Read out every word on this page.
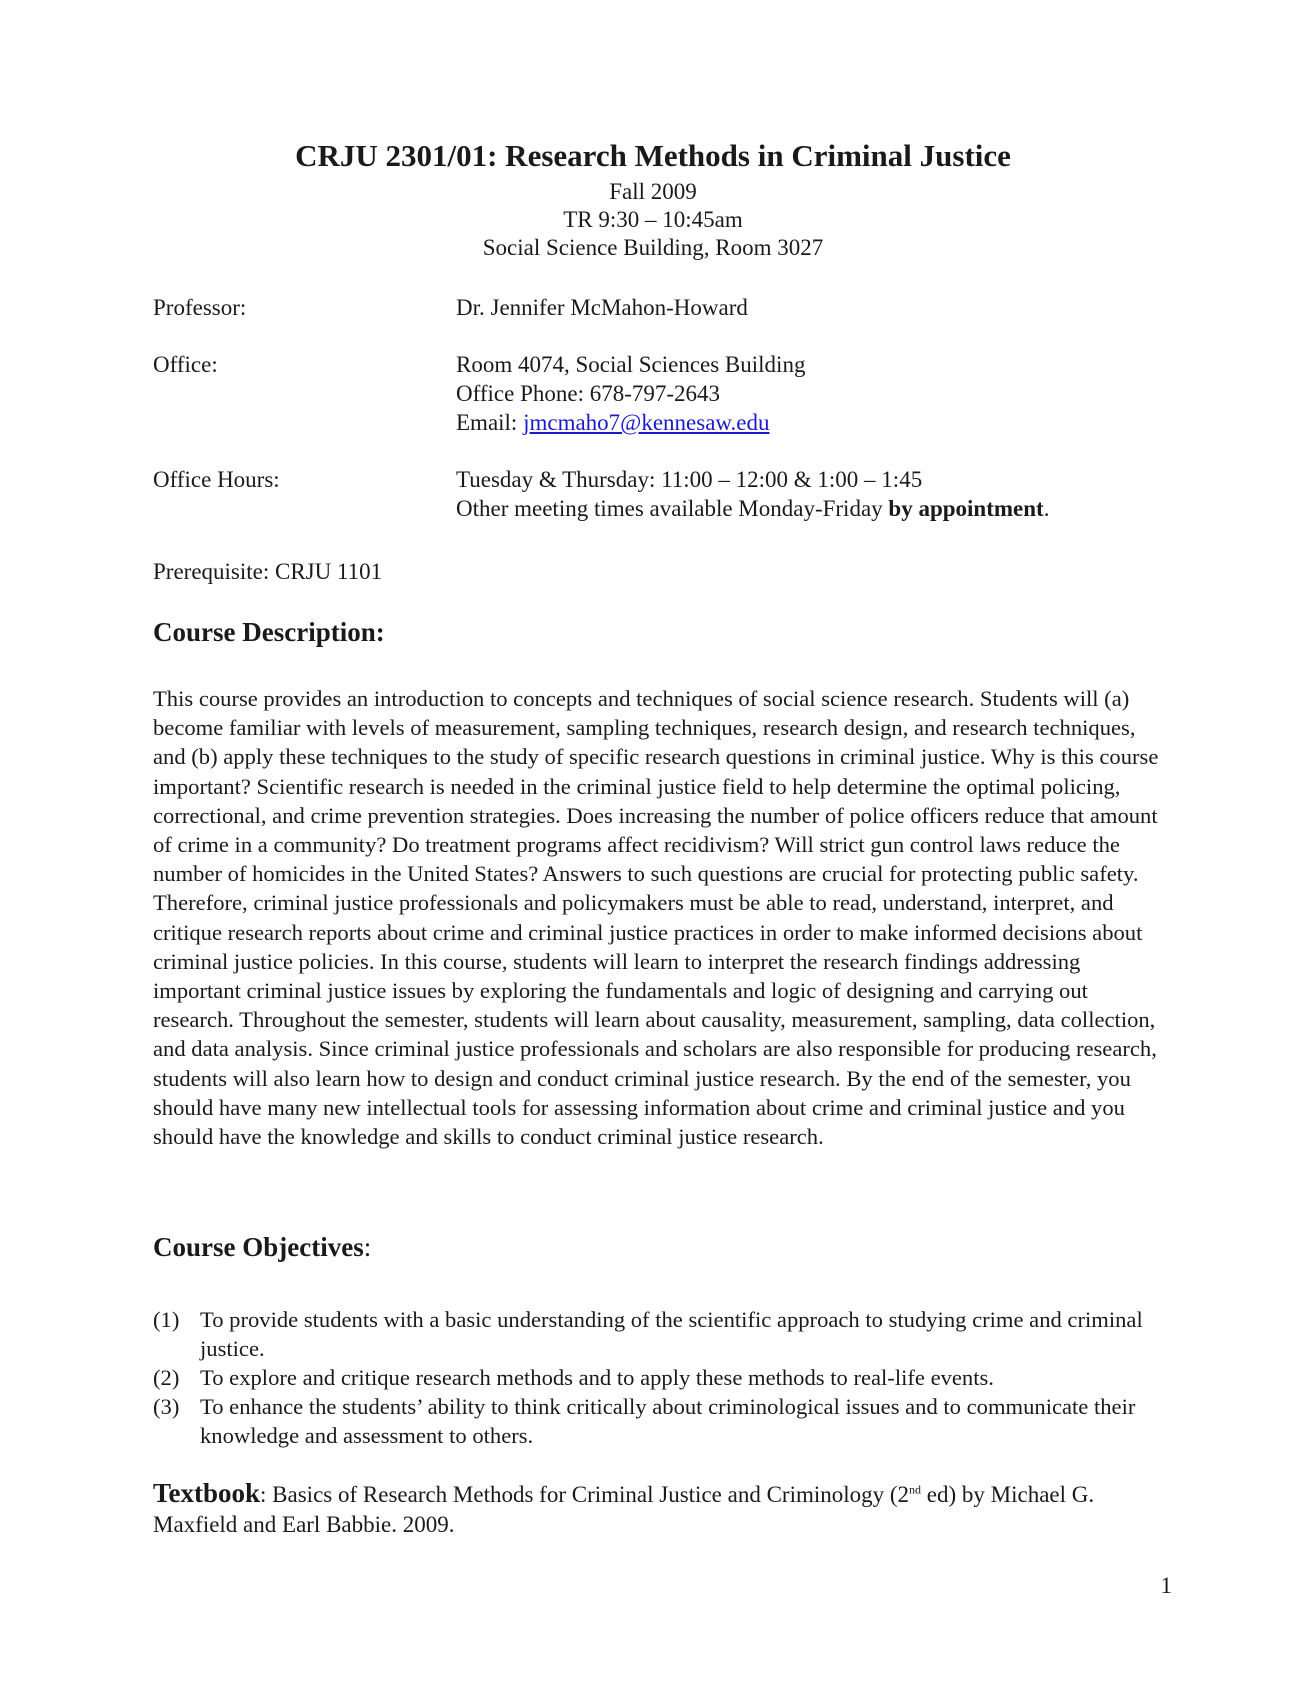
CRJU 2301/01: Research Methods in Criminal Justice
Fall 2009
TR 9:30 – 10:45am
Social Science Building, Room 3027
Professor:	Dr. Jennifer McMahon-Howard
Office:	Room 4074, Social Sciences Building
Office Phone: 678-797-2643
Email: jmcmaho7@kennesaw.edu
Office Hours:	Tuesday & Thursday: 11:00 – 12:00 & 1:00 – 1:45
Other meeting times available Monday-Friday by appointment.
Prerequisite: CRJU 1101
Course Description:

This course provides an introduction to concepts and techniques of social science research. Students will (a) become familiar with levels of measurement, sampling techniques, research design, and research techniques, and (b) apply these techniques to the study of specific research questions in criminal justice. Why is this course important? Scientific research is needed in the criminal justice field to help determine the optimal policing, correctional, and crime prevention strategies. Does increasing the number of police officers reduce that amount of crime in a community? Do treatment programs affect recidivism? Will strict gun control laws reduce the number of homicides in the United States? Answers to such questions are crucial for protecting public safety. Therefore, criminal justice professionals and policymakers must be able to read, understand, interpret, and critique research reports about crime and criminal justice practices in order to make informed decisions about criminal justice policies. In this course, students will learn to interpret the research findings addressing important criminal justice issues by exploring the fundamentals and logic of designing and carrying out research. Throughout the semester, students will learn about causality, measurement, sampling, data collection, and data analysis. Since criminal justice professionals and scholars are also responsible for producing research, students will also learn how to design and conduct criminal justice research. By the end of the semester, you should have many new intellectual tools for assessing information about crime and criminal justice and you should have the knowledge and skills to conduct criminal justice research.

Course Objectives:
(1) To provide students with a basic understanding of the scientific approach to studying crime and criminal justice.
(2) To explore and critique research methods and to apply these methods to real-life events.
(3) To enhance the students’ ability to think critically about criminological issues and to communicate their knowledge and assessment to others.

Textbook: Basics of Research Methods for Criminal Justice and Criminology (2nd ed) by Michael G. Maxfield and Earl Babbie. 2009.

1
